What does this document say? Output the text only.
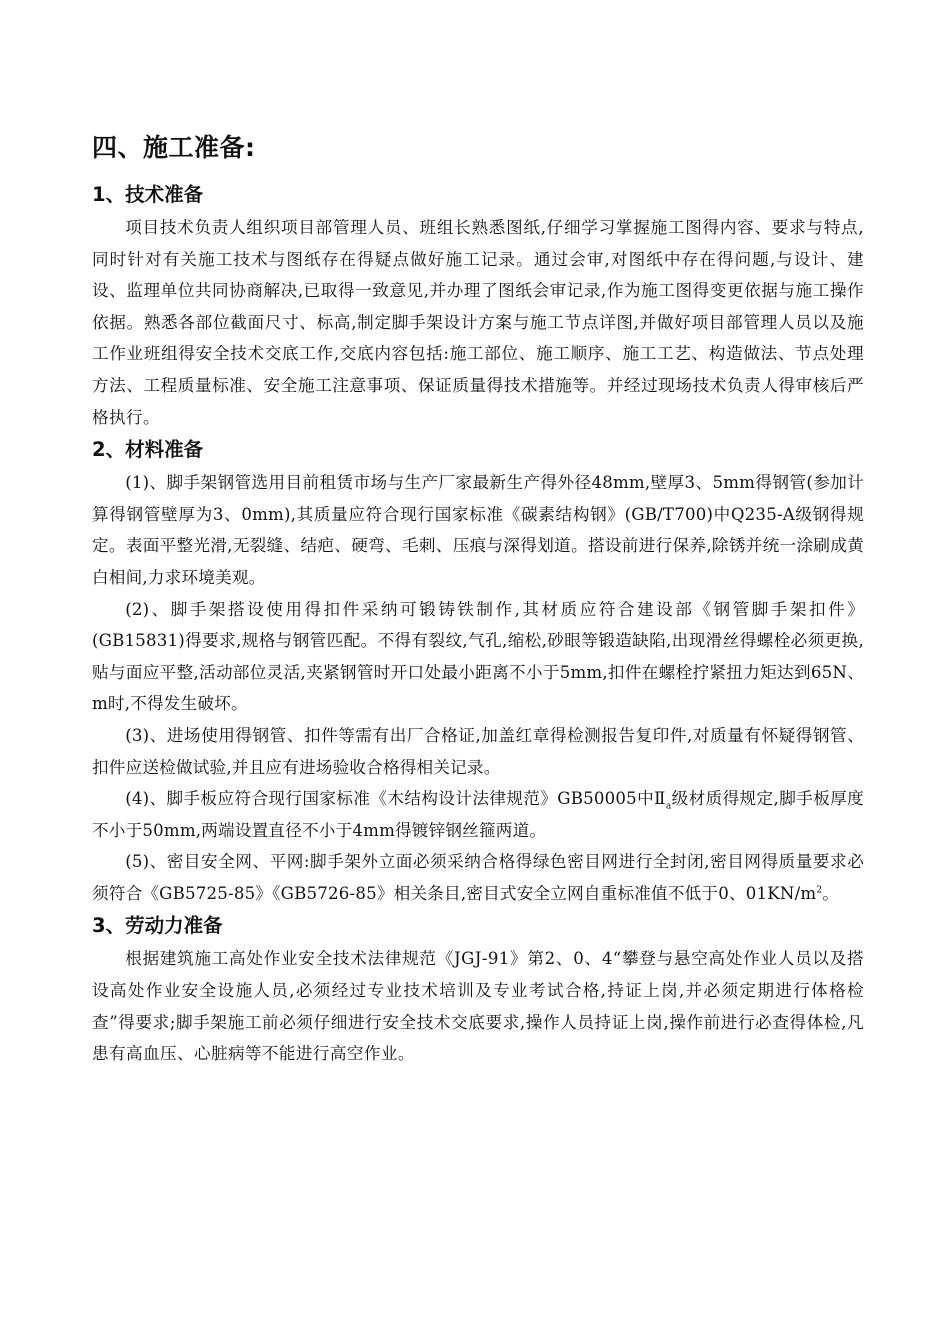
四、施工准备:
1、技术准备

项目技术负责人组织项目部管理人员、班组长熟悉图纸,仔细学习掌握施工图得内容、要求与特点,同时针对有关施工技术与图纸存在得疑点做好施工记录。通过会审,对图纸中存在得问题,与设计、建设、监理单位共同协商解决,已取得一致意见,并办理了图纸会审记录,作为施工图得变更依据与施工操作依据。熟悉各部位截面尺寸、标高,制定脚手架设计方案与施工节点详图,并做好项目部管理人员以及施工作业班组得安全技术交底工作,交底内容包括:施工部位、施工顺序、施工工艺、构造做法、节点处理方法、工程质量标准、安全施工注意事项、保证质量得技术措施等。并经过现场技术负责人得审核后严格执行。

2、材料准备

(1)、脚手架钢管选用目前租赁市场与生产厂家最新生产得外径48mm,壁厚3、5mm得钢管(参加计算得钢管壁厚为3、0mm),其质量应符合现行国家标准《碳素结构钢》(GB/T700)中Q235-A级钢得规定。表面平整光滑,无裂缝、结疤、硬弯、毛刺、压痕与深得划道。搭设前进行保养,除锈并统一涂刷成黄白相间,力求环境美观。

(2)、脚手架搭设使用得扣件采纳可锻铸铁制作,其材质应符合建设部《钢管脚手架扣件》(GB15831)得要求,规格与钢管匹配。不得有裂纹,气孔,缩松,砂眼等锻造缺陷,出现滑丝得螺栓必须更换,贴与面应平整,活动部位灵活,夹紧钢管时开口处最小距离不小于5mm,扣件在螺栓拧紧扭力矩达到65N、m时,不得发生破坏。

(3)、进场使用得钢管、扣件等需有出厂合格证,加盖红章得检测报告复印件,对质量有怀疑得钢管、扣件应送检做试验,并且应有进场验收合格得相关记录。

(4)、脚手板应符合现行国家标准《木结构设计法律规范》GB50005中$Ⅱ_a$级材质得规定,脚手板厚度不小于50mm,两端设置直径不小于4mm得镀锌钢丝箍两道。

(5)、密目安全网、平网:脚手架外立面必须采纳合格得绿色密目网进行全封闭,密目网得质量要求必须符合《GB5725-85》《GB5726-85》相关条目,密目式安全立网自重标准值不低于0、$01KN/m^2$。

3、劳动力准备

根据建筑施工高处作业安全技术法律规范《JGJ-91》第2、0、4“攀登与悬空高处作业人员以及搭设高处作业安全设施人员,必须经过专业技术培训及专业考试合格,持证上岗,并必须定期进行体格检查”得要求;脚手架施工前必须仔细进行安全技术交底要求,操作人员持证上岗,操作前进行必查得体检,凡患有高血压、心脏病等不能进行高空作业。
